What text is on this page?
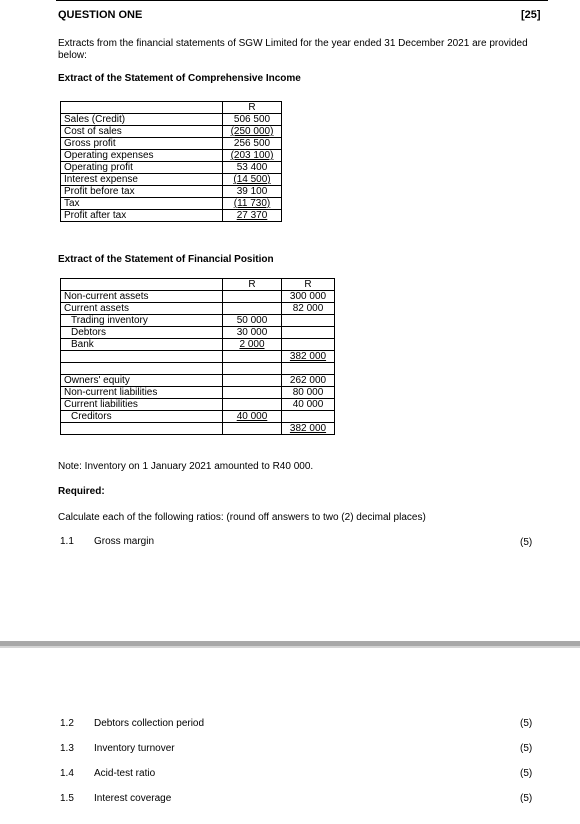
QUESTION ONE	[25]
Extracts from the financial statements of SGW Limited for the year ended 31 December 2021 are provided below:
Extract of the Statement of Comprehensive Income
	R
Sales (Credit)	506 500
Cost of sales	(250 000)
Gross profit	256 500
Operating expenses	(203 100)
Operating profit	53 400
Interest expense	(14 500)
Profit before tax	39 100
Tax	(11 730)
Profit after tax	27 370
Extract of the Statement of Financial Position
	R	R
Non-current assets		300 000
Current assets		82 000
Trading inventory	50 000	
Debtors	30 000	
Bank	2 000	
		382 000

Owners' equity		262 000
Non-current liabilities		80 000
Current liabilities		40 000
Creditors	40 000	
		382 000
Note: Inventory on 1 January 2021 amounted to R40 000.
Required:
Calculate each of the following ratios: (round off answers to two (2) decimal places)
1.1 Gross margin	(5)
1.2 Debtors collection period	(5)
1.3 Inventory turnover	(5)
1.4 Acid-test ratio	(5)
1.5 Interest coverage	(5)
